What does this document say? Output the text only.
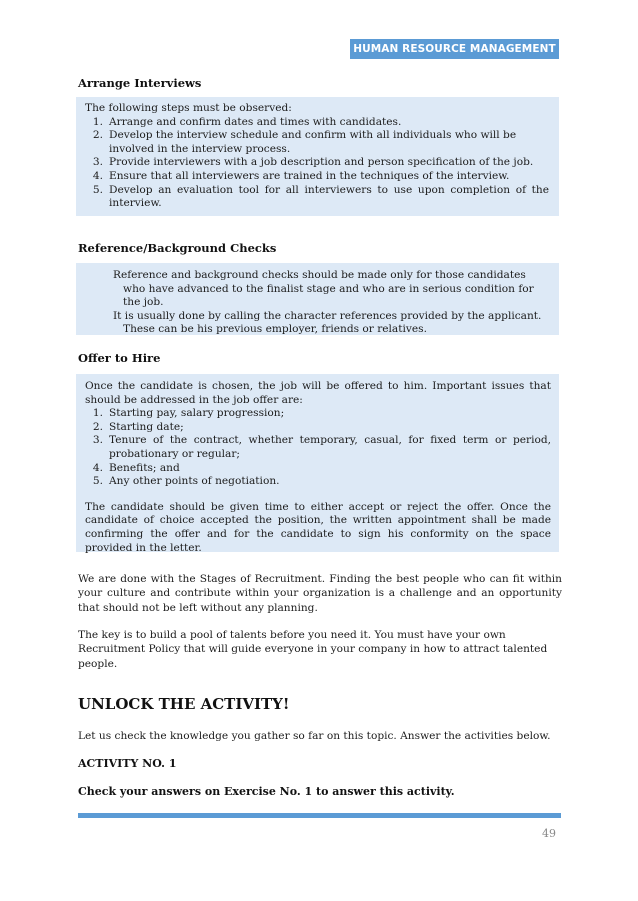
HUMAN RESOURCE MANAGEMENT
Arrange Interviews
The following steps must be observed:
1. Arrange and confirm dates and times with candidates.
2. Develop the interview schedule and confirm with all individuals who will be involved in the interview process.
3. Provide interviewers with a job description and person specification of the job.
4. Ensure that all interviewers are trained in the techniques of the interview.
5. Develop an evaluation tool for all interviewers to use upon completion of the interview.
Reference/Background Checks
Reference and background checks should be made only for those candidates who have advanced to the finalist stage and who are in serious condition for the job.
It is usually done by calling the character references provided by the applicant. These can be his previous employer, friends or relatives.
Offer to Hire
Once the candidate is chosen, the job will be offered to him. Important issues that should be addressed in the job offer are:
1. Starting pay, salary progression;
2. Starting date;
3. Tenure of the contract, whether temporary, casual, for fixed term or period, probationary or regular;
4. Benefits; and
5. Any other points of negotiation.
The candidate should be given time to either accept or reject the offer. Once the candidate of choice accepted the position, the written appointment shall be made confirming the offer and for the candidate to sign his conformity on the space provided in the letter.
We are done with the Stages of Recruitment. Finding the best people who can fit within your culture and contribute within your organization is a challenge and an opportunity that should not be left without any planning.
The key is to build a pool of talents before you need it. You must have your own Recruitment Policy that will guide everyone in your company in how to attract talented people.
UNLOCK THE ACTIVITY!
Let us check the knowledge you gather so far on this topic. Answer the activities below.
ACTIVITY NO. 1
Check your answers on Exercise No. 1 to answer this activity.
49
